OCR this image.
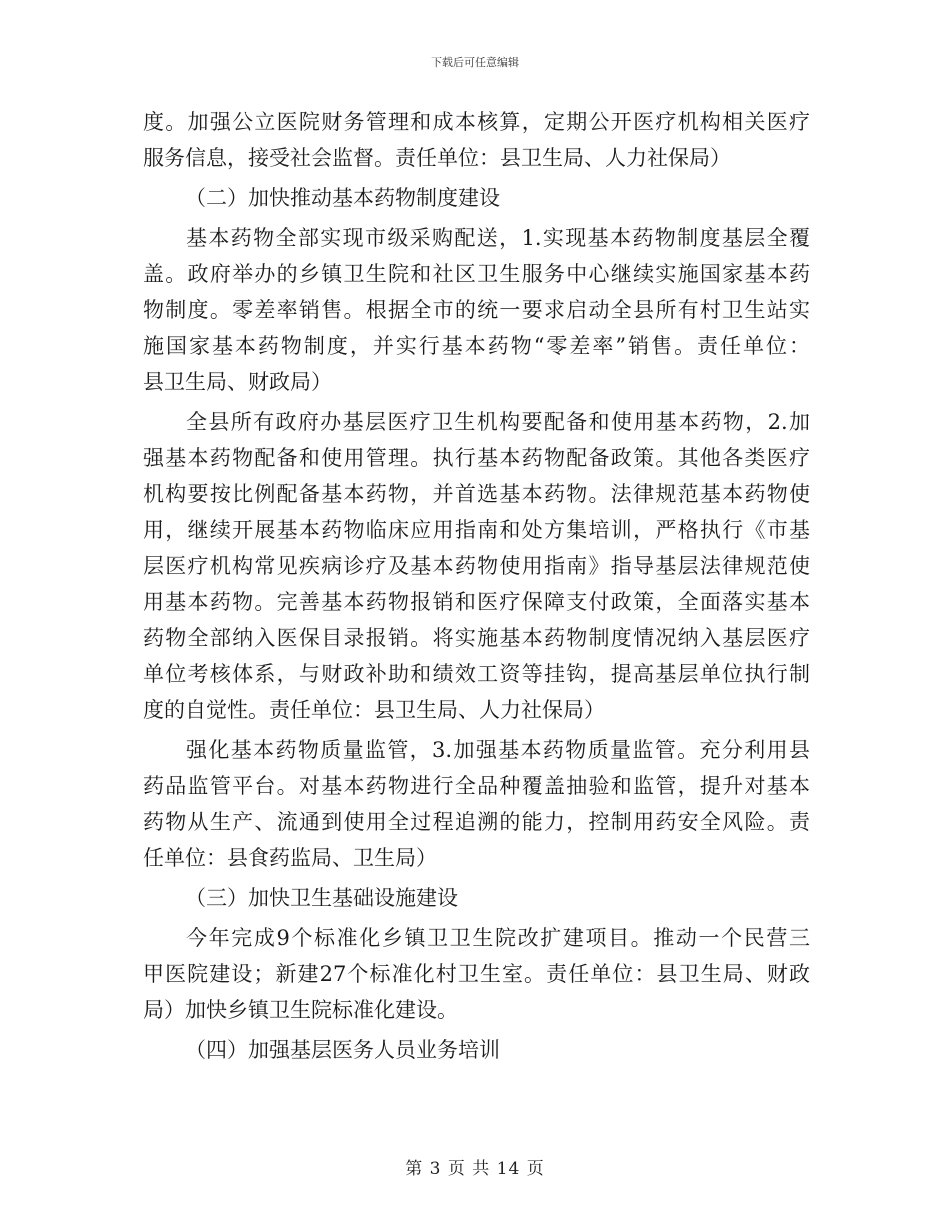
下载后可任意编辑
度。加强公立医院财务管理和成本核算，定期公开医疗机构相关医疗
服务信息，接受社会监督。责任单位：县卫生局、人力社保局）
（二）加快推动基本药物制度建设
基本药物全部实现市级采购配送，1.实现基本药物制度基层全覆
盖。政府举办的乡镇卫生院和社区卫生服务中心继续实施国家基本药
物制度。零差率销售。根据全市的统一要求启动全县所有村卫生站实
施国家基本药物制度，并实行基本药物“零差率”销售。责任单位：
县卫生局、财政局）
全县所有政府办基层医疗卫生机构要配备和使用基本药物，2.加
强基本药物配备和使用管理。执行基本药物配备政策。其他各类医疗
机构要按比例配备基本药物，并首选基本药物。法律规范基本药物使
用，继续开展基本药物临床应用指南和处方集培训，严格执行《市基
层医疗机构常见疾病诊疗及基本药物使用指南》指导基层法律规范使
用基本药物。完善基本药物报销和医疗保障支付政策，全面落实基本
药物全部纳入医保目录报销。将实施基本药物制度情况纳入基层医疗
单位考核体系，与财政补助和绩效工资等挂钩，提高基层单位执行制
度的自觉性。责任单位：县卫生局、人力社保局）
强化基本药物质量监管，3.加强基本药物质量监管。充分利用县
药品监管平台。对基本药物进行全品种覆盖抽验和监管，提升对基本
药物从生产、流通到使用全过程追溯的能力，控制用药安全风险。责
任单位：县食药监局、卫生局）
（三）加快卫生基础设施建设
今年完成9个标准化乡镇卫卫生院改扩建项目。推动一个民营三
甲医院建设；新建27个标准化村卫生室。责任单位：县卫生局、财政
局）加快乡镇卫生院标准化建设。
（四）加强基层医务人员业务培训
第 3 页 共 14 页
